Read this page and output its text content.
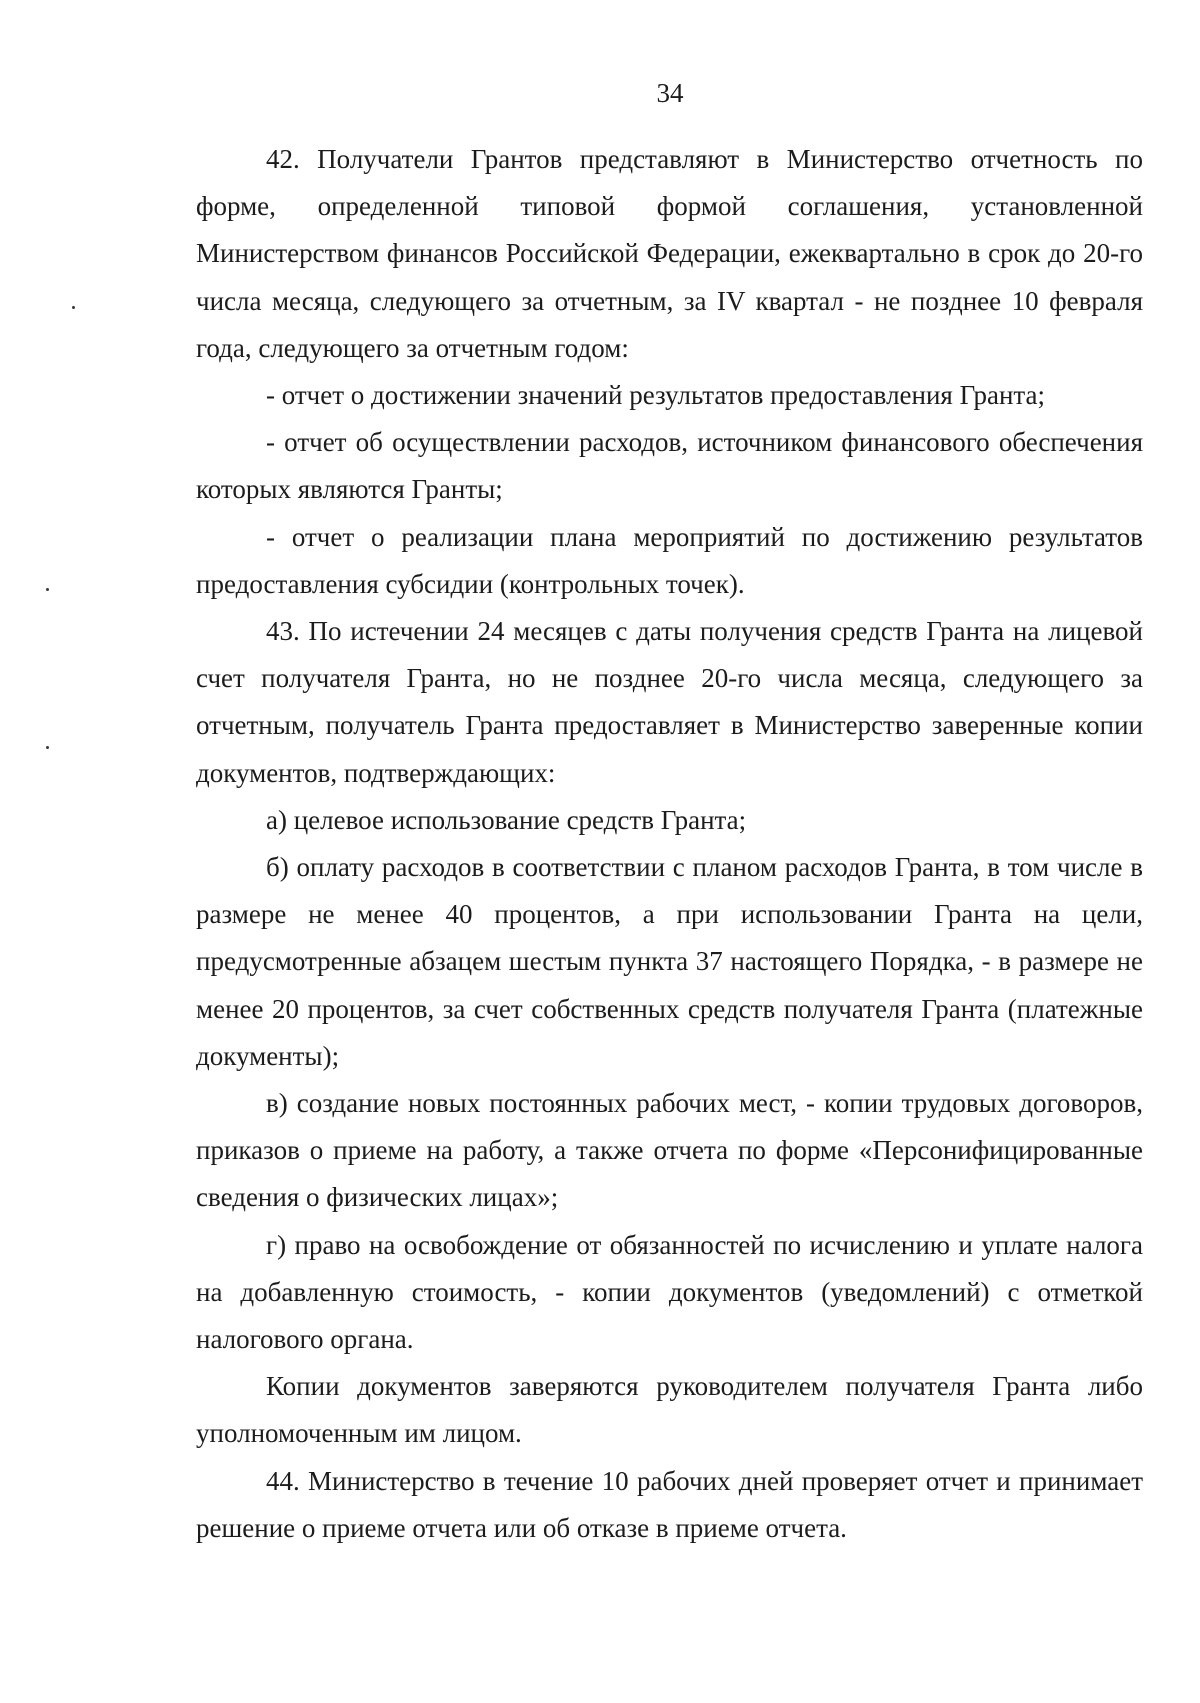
34

42. Получатели Грантов представляют в Министерство отчетность по форме, определенной типовой формой соглашения, установленной Министерством финансов Российской Федерации, ежеквартально в срок до 20-го числа месяца, следующего за отчетным, за IV квартал - не позднее 10 февраля года, следующего за отчетным годом:

- отчет о достижении значений результатов предоставления Гранта;

- отчет об осуществлении расходов, источником финансового обеспечения которых являются Гранты;

- отчет о реализации плана мероприятий по достижению результатов предоставления субсидии (контрольных точек).

43. По истечении 24 месяцев с даты получения средств Гранта на лицевой счет получателя Гранта, но не позднее 20-го числа месяца, следующего за отчетным, получатель Гранта предоставляет в Министерство заверенные копии документов, подтверждающих:

а) целевое использование средств Гранта;

б) оплату расходов в соответствии с планом расходов Гранта, в том числе в размере не менее 40 процентов, а при использовании Гранта на цели, предусмотренные абзацем шестым пункта 37 настоящего Порядка, - в размере не менее 20 процентов, за счет собственных средств получателя Гранта (платежные документы);

в) создание новых постоянных рабочих мест, - копии трудовых договоров, приказов о приеме на работу, а также отчета по форме «Персонифицированные сведения о физических лицах»;

г) право на освобождение от обязанностей по исчислению и уплате налога на добавленную стоимость, - копии документов (уведомлений) с отметкой налогового органа.

Копии документов заверяются руководителем получателя Гранта либо уполномоченным им лицом.

44. Министерство в течение 10 рабочих дней проверяет отчет и принимает решение о приеме отчета или об отказе в приеме отчета.
